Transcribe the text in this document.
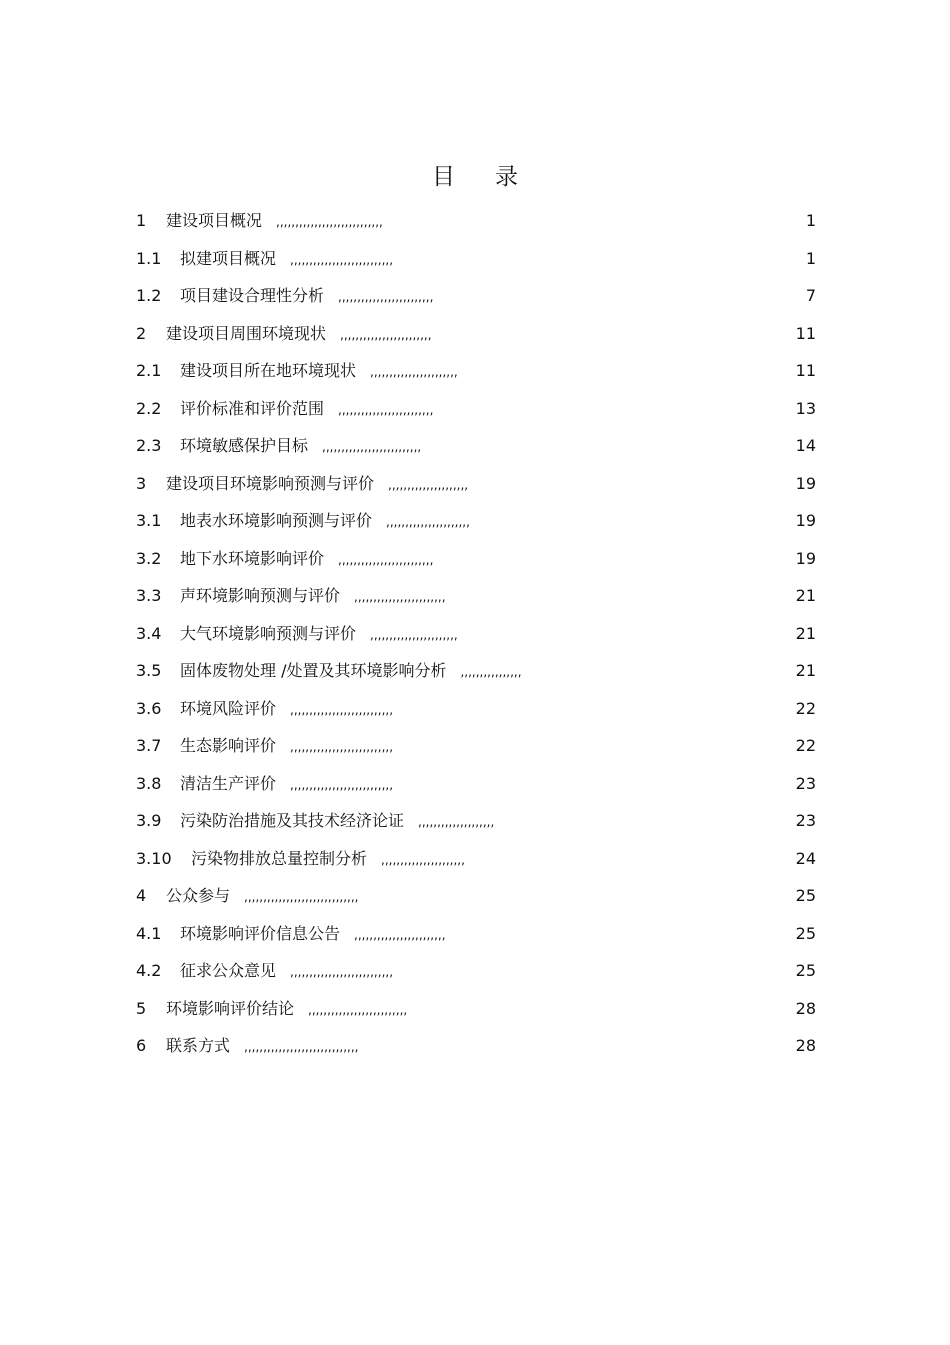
目 录
1 建设项目概况 ,,,,,,,,,,,,,,,,,,,,,,,,,,,,	1
1.1 拟建项目概况 ,,,,,,,,,,,,,,,,,,,,,,,,,,,	1
1.2 项目建设合理性分析 ,,,,,,,,,,,,,,,,,,,,,,,,,	7
2 建设项目周围环境现状 ,,,,,,,,,,,,,,,,,,,,,,,,	11
2.1 建设项目所在地环境现状 ,,,,,,,,,,,,,,,,,,,,,,,	11
2.2 评价标准和评价范围 ,,,,,,,,,,,,,,,,,,,,,,,,,	13
2.3 环境敏感保护目标 ,,,,,,,,,,,,,,,,,,,,,,,,,,	14
3 建设项目环境影响预测与评价 ,,,,,,,,,,,,,,,,,,,,,	19
3.1 地表水环境影响预测与评价 ,,,,,,,,,,,,,,,,,,,,,,	19
3.2 地下水环境影响评价 ,,,,,,,,,,,,,,,,,,,,,,,,,	19
3.3 声环境影响预测与评价 ,,,,,,,,,,,,,,,,,,,,,,,,	21
3.4 大气环境影响预测与评价 ,,,,,,,,,,,,,,,,,,,,,,,	21
3.5 固体废物处理 /处置及其环境影响分析 ,,,,,,,,,,,,,,,,	21
3.6 环境风险评价 ,,,,,,,,,,,,,,,,,,,,,,,,,,,	22
3.7 生态影响评价 ,,,,,,,,,,,,,,,,,,,,,,,,,,,	22
3.8 清洁生产评价 ,,,,,,,,,,,,,,,,,,,,,,,,,,,	23
3.9 污染防治措施及其技术经济论证 ,,,,,,,,,,,,,,,,,,,,	23
3.10 污染物排放总量控制分析 ,,,,,,,,,,,,,,,,,,,,,,	24
4 公众参与 ,,,,,,,,,,,,,,,,,,,,,,,,,,,,,,	25
4.1 环境影响评价信息公告 ,,,,,,,,,,,,,,,,,,,,,,,,	25
4.2 征求公众意见 ,,,,,,,,,,,,,,,,,,,,,,,,,,,	25
5 环境影响评价结论 ,,,,,,,,,,,,,,,,,,,,,,,,,,	28
6 联系方式 ,,,,,,,,,,,,,,,,,,,,,,,,,,,,,,	28
